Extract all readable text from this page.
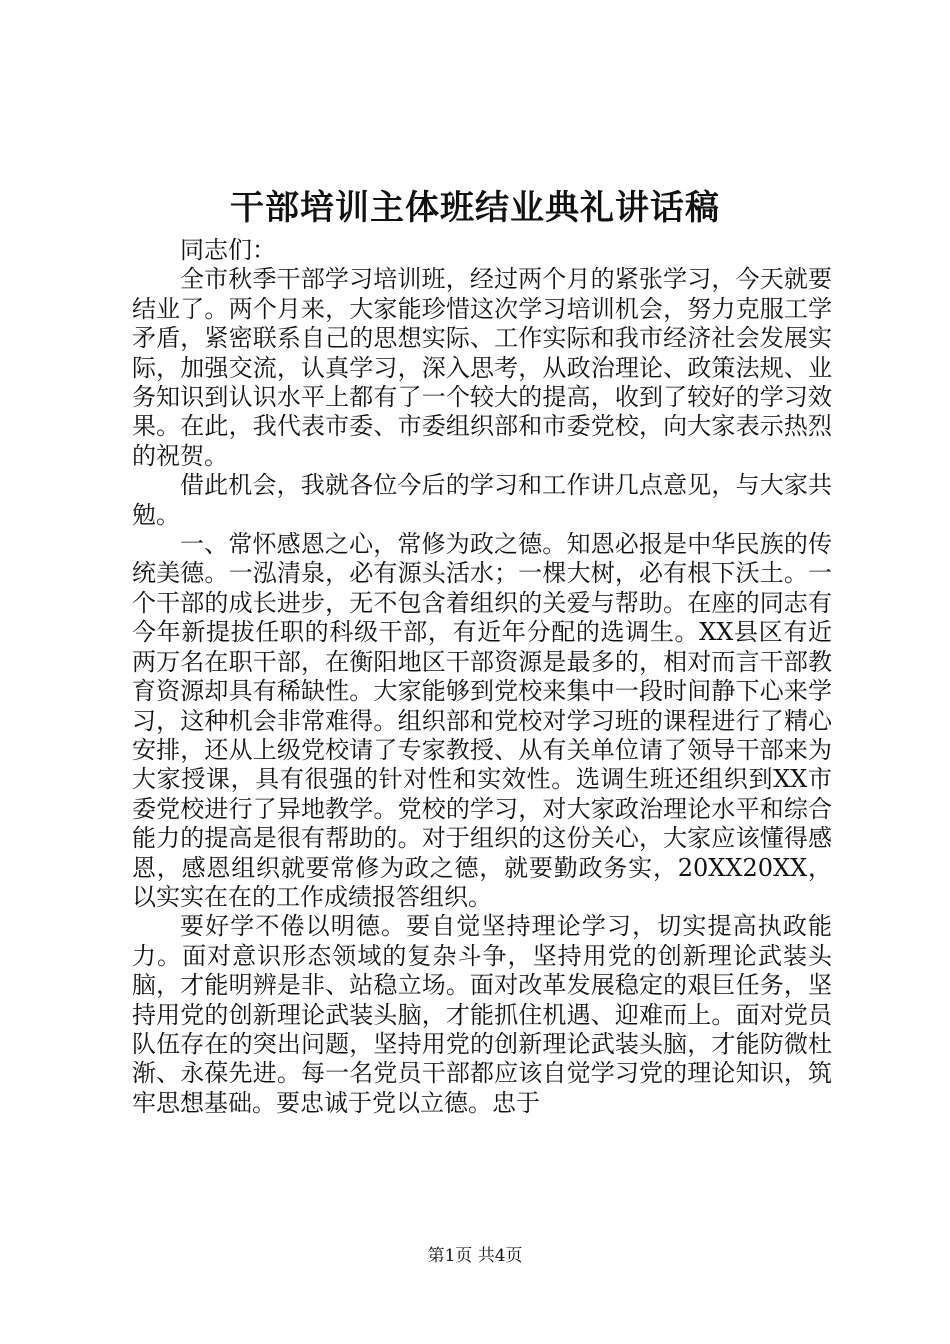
干部培训主体班结业典礼讲话稿

同志们：

全市秋季干部学习培训班，经过两个月的紧张学习，今天就要结业了。两个月来，大家能珍惜这次学习培训机会，努力克服工学矛盾，紧密联系自己的思想实际、工作实际和我市经济社会发展实际，加强交流，认真学习，深入思考，从政治理论、政策法规、业务知识到认识水平上都有了一个较大的提高，收到了较好的学习效果。在此，我代表市委、市委组织部和市委党校，向大家表示热烈的祝贺。

借此机会，我就各位今后的学习和工作讲几点意见，与大家共勉。

一、常怀感恩之心，常修为政之德。知恩必报是中华民族的传统美德。一泓清泉，必有源头活水；一棵大树，必有根下沃土。一个干部的成长进步，无不包含着组织的关爱与帮助。在座的同志有今年新提拔任职的科级干部，有近年分配的选调生。XX县区有近两万名在职干部，在衡阳地区干部资源是最多的，相对而言干部教育资源却具有稀缺性。大家能够到党校来集中一段时间静下心来学习，这种机会非常难得。组织部和党校对学习班的课程进行了精心安排，还从上级党校请了专家教授、从有关单位请了领导干部来为大家授课，具有很强的针对性和实效性。选调生班还组织到XX市委党校进行了异地教学。党校的学习，对大家政治理论水平和综合能力的提高是很有帮助的。对于组织的这份关心，大家应该懂得感恩，感恩组织就要常修为政之德，就要勤政务实，20XX20XX，以实实在在的工作成绩报答组织。

要好学不倦以明德。要自觉坚持理论学习，切实提高执政能力。面对意识形态领域的复杂斗争，坚持用党的创新理论武装头脑，才能明辨是非、站稳立场。面对改革发展稳定的艰巨任务，坚持用党的创新理论武装头脑，才能抓住机遇、迎难而上。面对党员队伍存在的突出问题，坚持用党的创新理论武装头脑，才能防微杜渐、永葆先进。每一名党员干部都应该自觉学习党的理论知识，筑牢思想基础。要忠诚于党以立德。忠于

第1页 共4页
